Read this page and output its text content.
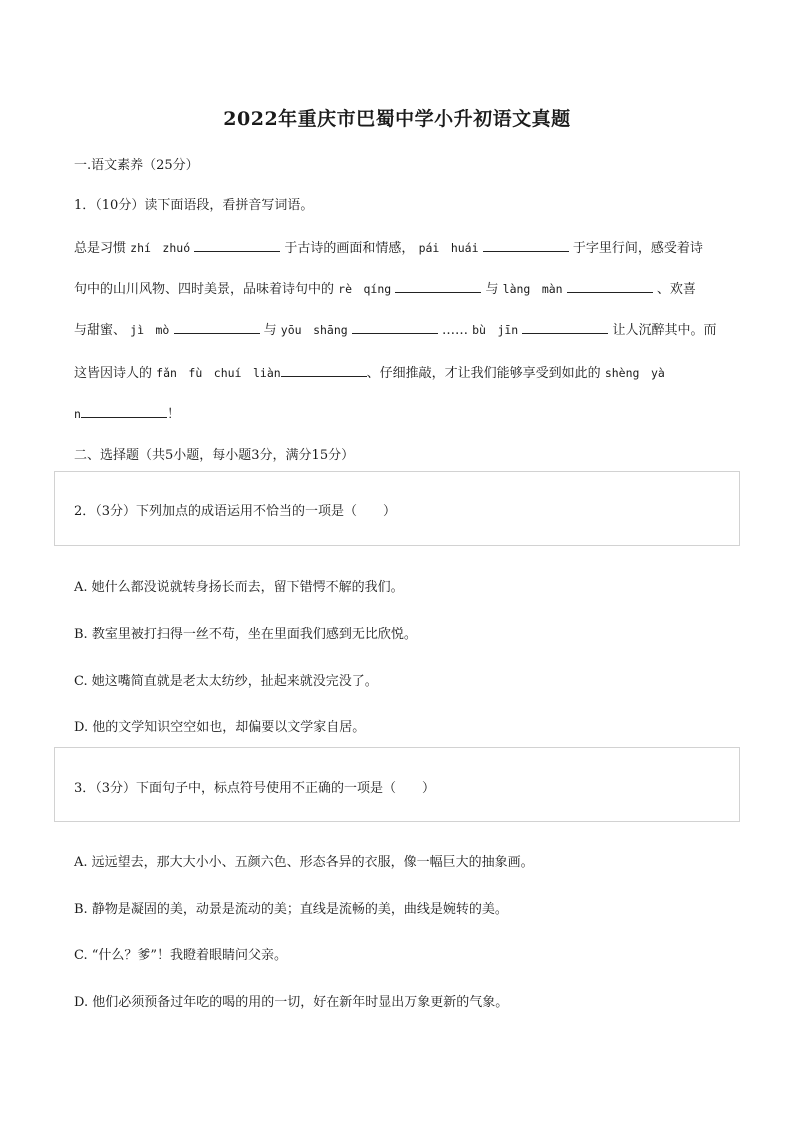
2022年重庆市巴蜀中学小升初语文真题
一.语文素养（25分）
1．（10分）读下面语段，看拼音写词语。
总是习惯 zhí　zhuó	于古诗的画面和情感， pái　huái	于字里行间，感受着诗
句中的山川风物、四时美景，品味着诗句中的 rè　qíng	与 làng　màn	、欢喜
与甜蜜、 jì　mò	与 yōu　shāng	…… bù　jīn	让人沉醉其中。而
这皆因诗人的 fǎn　fù　chuí　liàn	、仔细推敲，才让我们能够享受到如此的 shèng　yà
n	！
二、选择题（共5小题，每小题3分，满分15分）
2．（3分）下列加点的成语运用不恰当的一项是（　　）
A. 她什么都没说就转身扬长而去，留下错愕不解的我们。
B. 教室里被打扫得一丝不苟，坐在里面我们感到无比欣悦。
C. 她这嘴简直就是老太太纺纱，扯起来就没完没了。
D. 他的文学知识空空如也，却偏要以文学家自居。
3．（3分）下面句子中，标点符号使用不正确的一项是（　　）
A. 远远望去，那大大小小、五颜六色、形态各异的衣服，像一幅巨大的抽象画。
B. 静物是凝固的美，动景是流动的美；直线是流畅的美，曲线是婉转的美。
C. “什么？爹”！我瞪着眼睛问父亲。
D. 他们必须预备过年吃的喝的用的一切，好在新年时显出万象更新的气象。
